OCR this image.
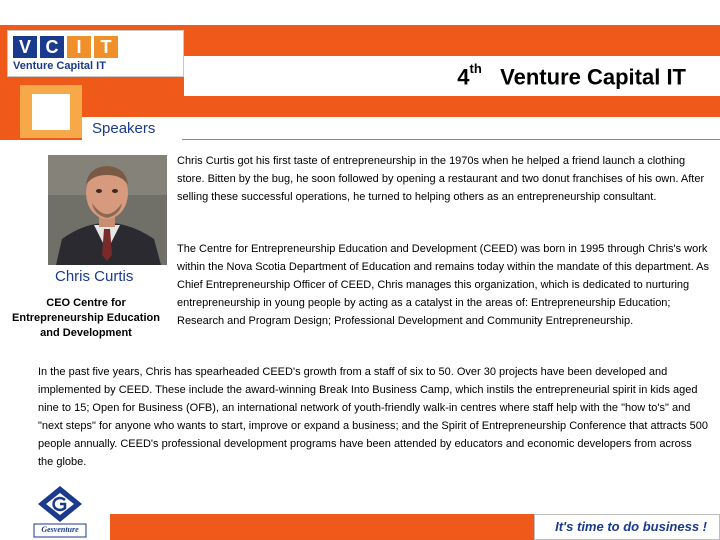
V C I	T
Venture Capital IT	4th Venture Capital IT
Speakers
Chris Curtis
CEO Centre for
Entrepreneurship Education
and Development

Chris Curtis got his first taste of entrepreneurship in the 1970s when he helped a friend launch a clothing store. Bitten by the bug, he soon followed by opening a restaurant and two donut franchises of his own. After selling these successful operations, he turned to helping others as an entrepreneurship consultant.

The Centre for Entrepreneurship Education and Development (CEED) was born in 1995 through Chris's work within the Nova Scotia Department of Education and remains today within the mandate of this department. As Chief Entrepreneurship Officer of CEED, Chris manages this organization, which is dedicated to nurturing entrepreneurship in young people by acting as a catalyst in the areas of: Entrepreneurship Education; Research and Program Design; Professional Development and Community Entrepreneurship.

In the past five years, Chris has spearheaded CEED's growth from a staff of six to 50. Over 30 projects have been developed and implemented by CEED. These include the award-winning Break Into Business Camp, which instils the entrepreneurial spirit in kids aged nine to 15; Open for Business (OFB), an international network of youth-friendly walk-in centres where staff help with the "how to's" and "next steps" for anyone who wants to start, improve or expand a business; and the Spirit of Entrepreneurship Conference that attracts 500 people annually. CEED's professional development programs have been attended by educators and economic developers from across the globe.

Gesventure	It's time to do business !
